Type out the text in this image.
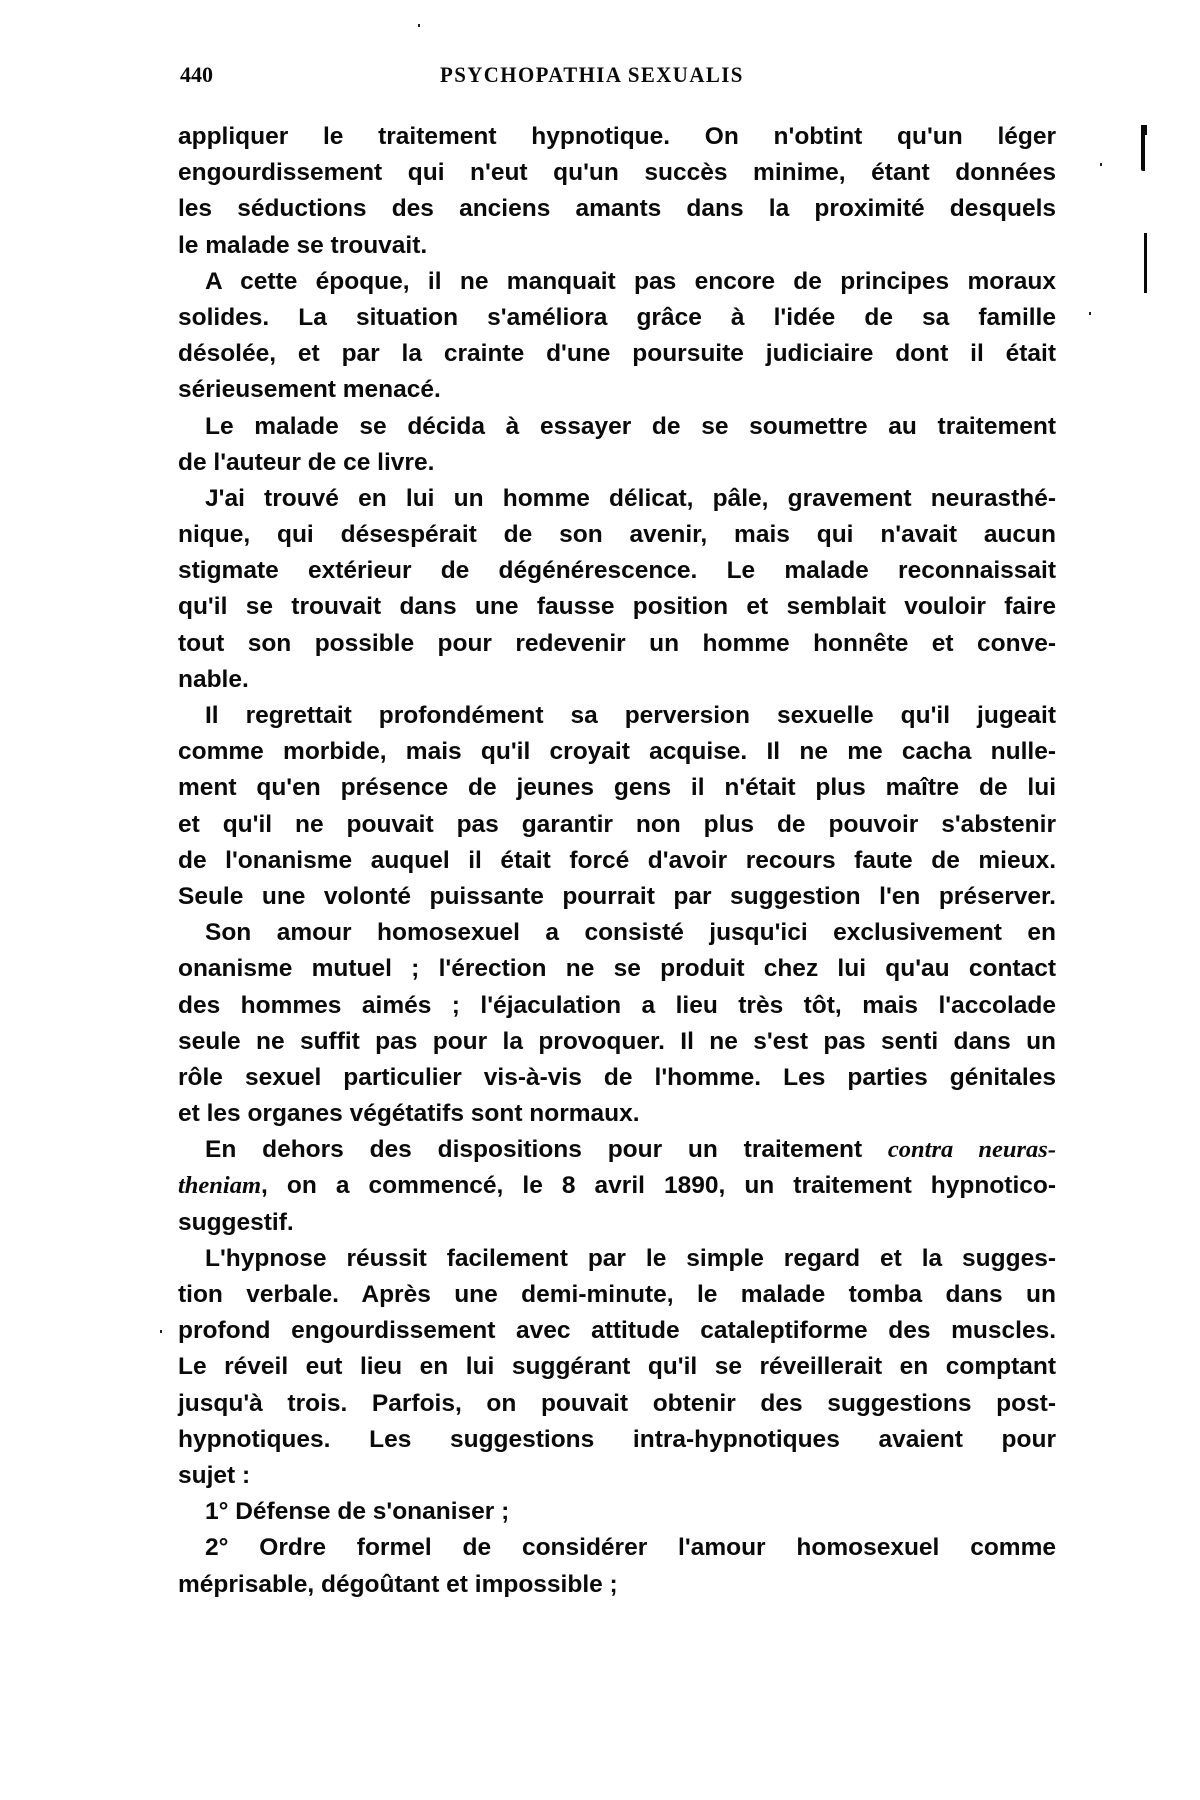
440	PSYCHOPATHIA SEXUALIS
appliquer le traitement hypnotique. On n'obtint qu'un léger
engourdissement qui n'eut qu'un succès minime, étant données
les séductions des anciens amants dans la proximité desquels
le malade se trouvait.
A cette époque, il ne manquait pas encore de principes moraux
solides. La situation s'améliora grâce à l'idée de sa famille
désolée, et par la crainte d'une poursuite judiciaire dont il était
sérieusement menacé.
Le malade se décida à essayer de se soumettre au traitement
de l'auteur de ce livre.
J'ai trouvé en lui un homme délicat, pâle, gravement neurasthé-
nique, qui désespérait de son avenir, mais qui n'avait aucun
stigmate extérieur de dégénérescence. Le malade reconnaissait
qu'il se trouvait dans une fausse position et semblait vouloir faire
tout son possible pour redevenir un homme honnête et conve-
nable.
Il regrettait profondément sa perversion sexuelle qu'il jugeait
comme morbide, mais qu'il croyait acquise. Il ne me cacha nulle-
ment qu'en présence de jeunes gens il n'était plus maître de lui
et qu'il ne pouvait pas garantir non plus de pouvoir s'abstenir
de l'onanisme auquel il était forcé d'avoir recours faute de mieux.
Seule une volonté puissante pourrait par suggestion l'en préserver.
Son amour homosexuel a consisté jusqu'ici exclusivement en
onanisme mutuel ; l'érection ne se produit chez lui qu'au contact
des hommes aimés ; l'éjaculation a lieu très tôt, mais l'accolade
seule ne suffit pas pour la provoquer. Il ne s'est pas senti dans un
rôle sexuel particulier vis-à-vis de l'homme. Les parties génitales
et les organes végétatifs sont normaux.
En dehors des dispositions pour un traitement contra neuras-
theniam, on a commencé, le 8 avril 1890, un traitement hypnotico-
suggestif.
L'hypnose réussit facilement par le simple regard et la sugges-
tion verbale. Après une demi-minute, le malade tomba dans un
profond engourdissement avec attitude cataleptiforme des muscles.
Le réveil eut lieu en lui suggérant qu'il se réveillerait en comptant
jusqu'à trois. Parfois, on pouvait obtenir des suggestions post-
hypnotiques. Les suggestions intra-hypnotiques avaient pour
sujet :
1° Défense de s'onaniser ;
2° Ordre formel de considérer l'amour homosexuel comme
méprisable, dégoûtant et impossible ;
